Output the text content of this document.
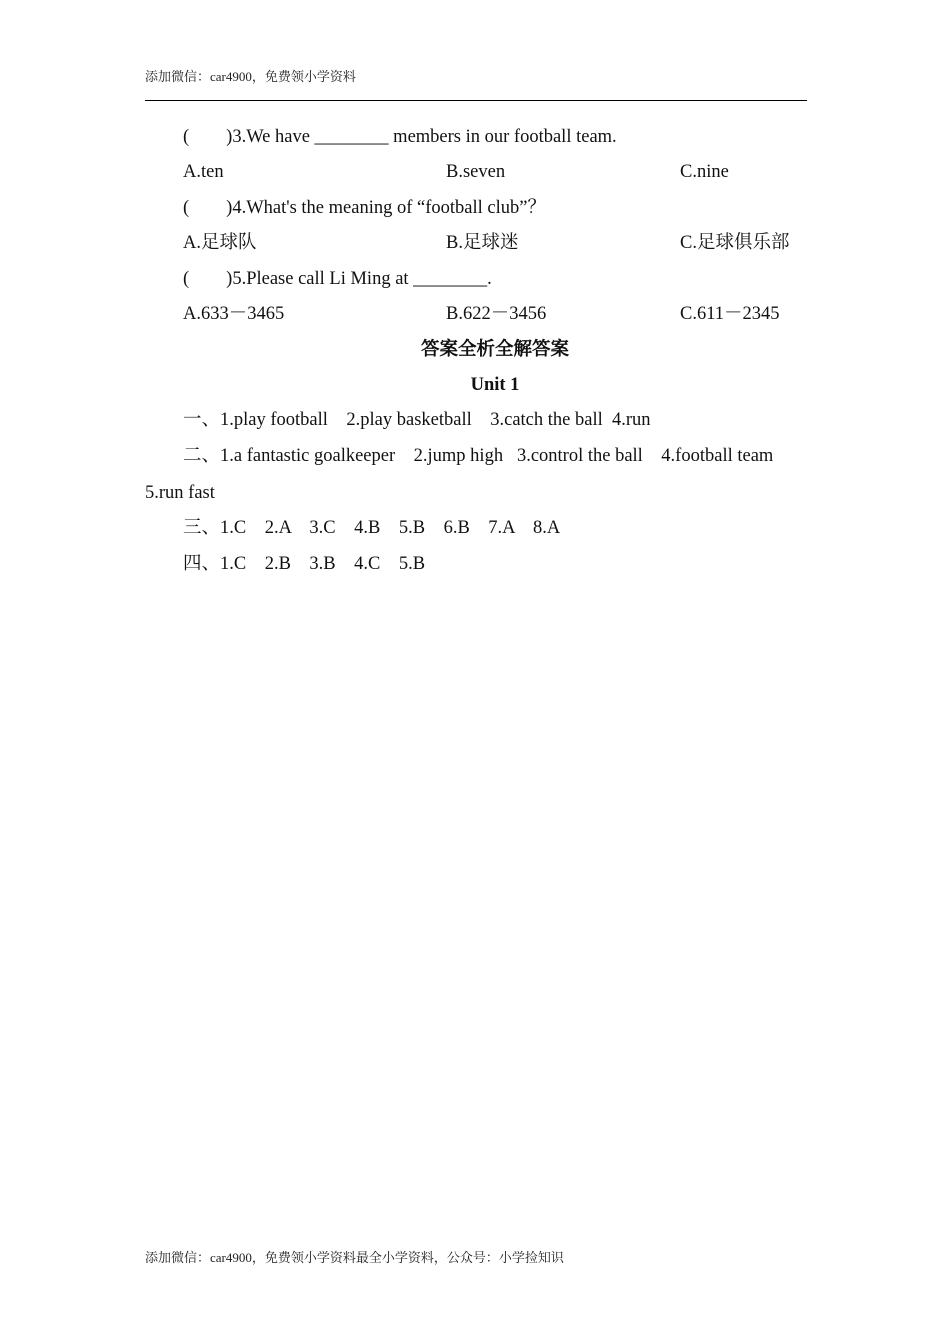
添加微信：car4900，免费领小学资料
(        )3.We have ________ members in our football team.
A.ten	B.seven	C.nine
(        )4.What's the meaning of “football club”？
A.足球队	B.足球迷	C.足球俱乐部
(        )5.Please call Li Ming at ________.
A.633－3465	B.622－3456	C.611－2345
答案全析全解答案
Unit 1
一、1.play football    2.play basketball    3.catch the ball  4.run
二、1.a fantastic goalkeeper    2.jump high   3.control the ball    4.football team
5.run fast
三、1.C    2.A    3.C    4.B    5.B    6.B    7.A    8.A
四、1.C    2.B    3.B    4.C    5.B
添加微信：car4900，免费领小学资料最全小学资料，公众号：小学捡知识
